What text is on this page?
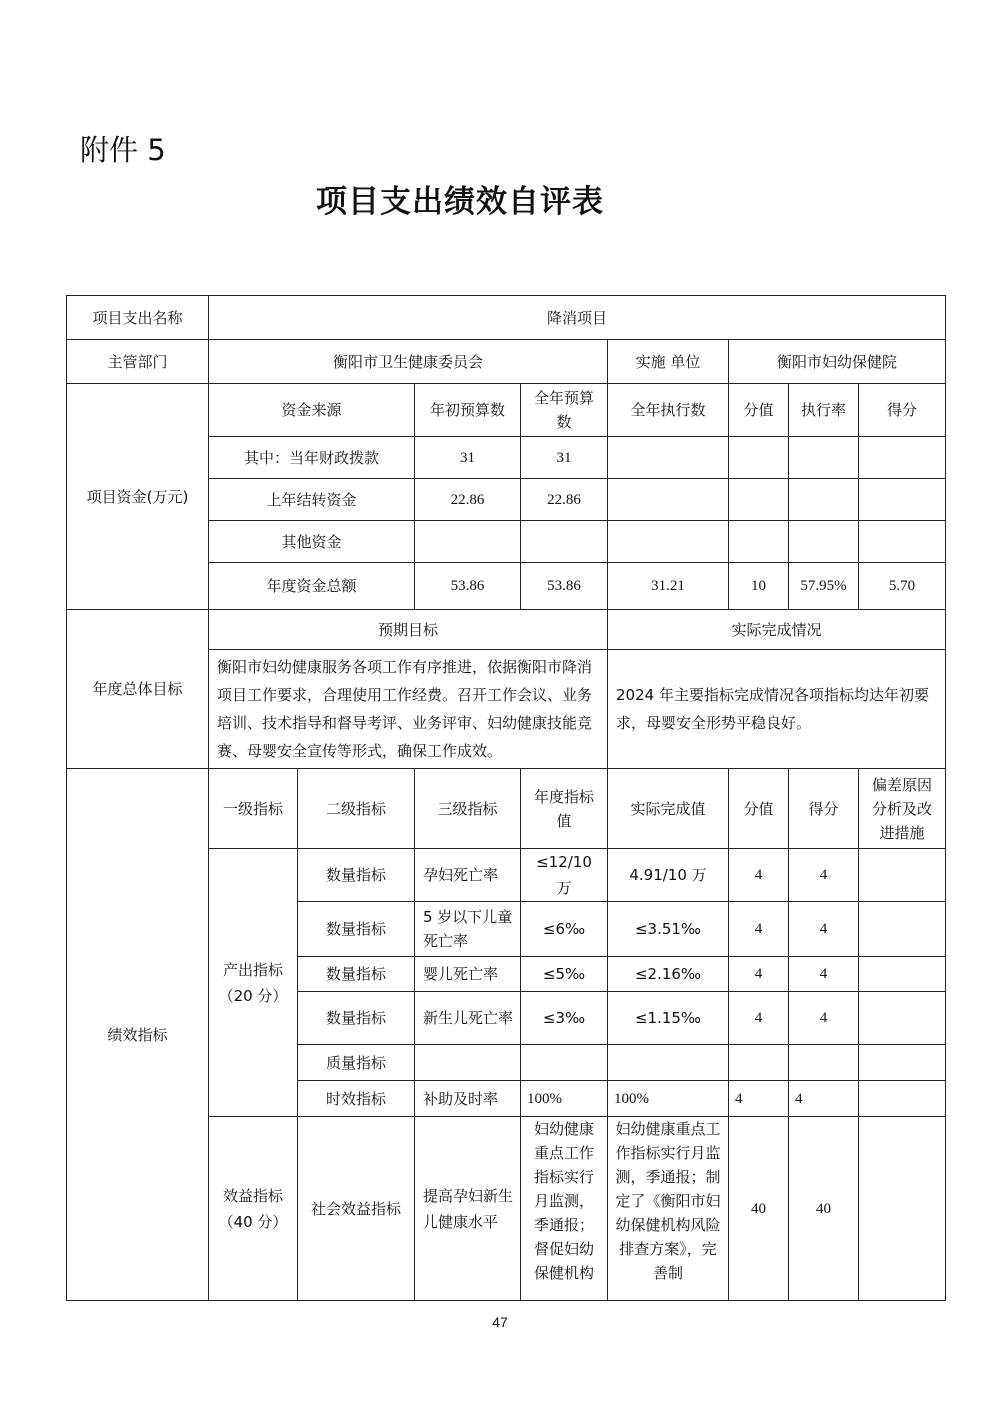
附件 5
项目支出绩效自评表
项目支出名称	降消项目							
主管部门	衡阳市卫生健康委员会				实施 单位	衡阳市妇幼保健院		
项目资金(万元)	资金来源		年初预算数	全年预算数	全年执行数	分值	执行率	得分
	其中：当年财政拨款		31	31				
	上年结转资金		22.86	22.86				
	其他资金							
	年度资金总额		53.86	53.86	31.21	10	57.95%	5.70
年度总体目标	预期目标				实际完成情况			
	衡阳市妇幼健康服务各项工作有序推进，依据衡阳市降消项目工作要求，合理使用工作经费。召开工作会议、业务培训、技术指导和督导考评、业务评审、妇幼健康技能竞赛、母婴安全宣传等形式，确保工作成效。				2024 年主要指标完成情况各项指标均达年初要求，母婴安全形势平稳良好。			
绩效指标	一级指标	二级指标	三级指标	年度指标值	实际完成值	分值	得分	偏差原因分析及改进措施
	产出指标（20 分）	数量指标	孕妇死亡率	≤12/10 万	4.91/10 万	4	4	
		数量指标	5 岁以下儿童死亡率	≤6‰	≤3.51‰	4	4	
		数量指标	婴儿死亡率	≤5‰	≤2.16‰	4	4	
		数量指标	新生儿死亡率	≤3‰	≤1.15‰	4	4	
		质量指标						
		时效指标	补助及时率	100%	100%	4	4	
	效益指标（40 分）	社会效益指标	提高孕妇新生儿健康水平	妇幼健康重点工作指标实行月监测，季通报；督促妇幼保健机构	妇幼健康重点工作指标实行月监测，季通报；制定了《衡阳市妇幼保健机构风险排查方案》，完善制	40	40	
47
